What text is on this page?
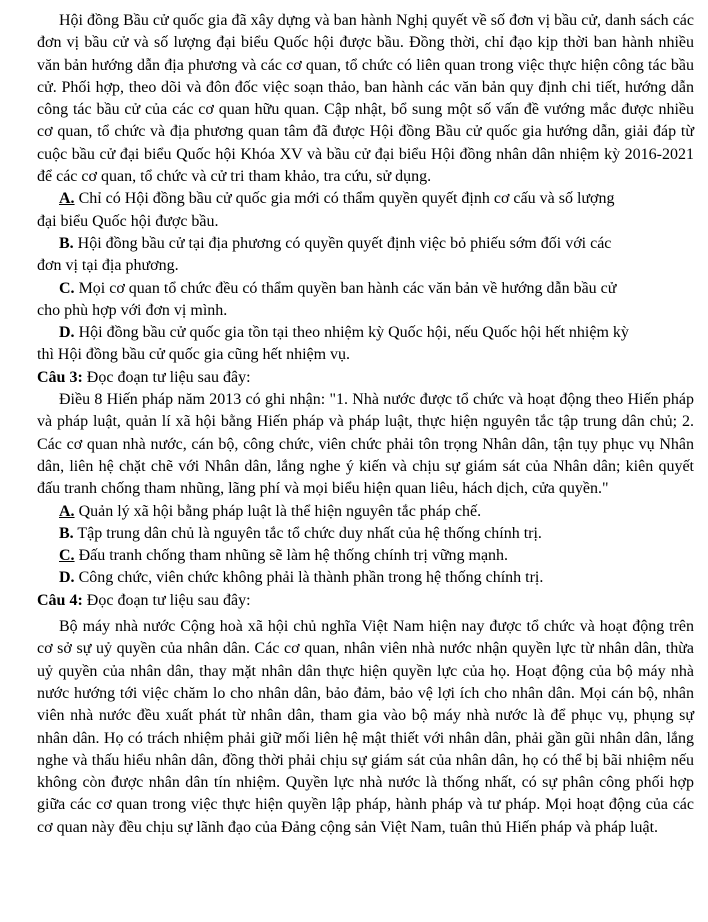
Hội đồng Bầu cử quốc gia đã xây dựng và ban hành Nghị quyết về số đơn vị bầu cử, danh sách các đơn vị bầu cử và số lượng đại biểu Quốc hội được bầu. Đồng thời, chỉ đạo kịp thời ban hành nhiều văn bản hướng dẫn địa phương và các cơ quan, tổ chức có liên quan trong việc thực hiện công tác bầu cử. Phối hợp, theo dõi và đôn đốc việc soạn thảo, ban hành các văn bản quy định chi tiết, hướng dẫn công tác bầu cử của các cơ quan hữu quan. Cập nhật, bổ sung một số vấn đề vướng mắc được nhiều cơ quan, tổ chức và địa phương quan tâm đã được Hội đồng Bầu cử quốc gia hướng dẫn, giải đáp từ cuộc bầu cử đại biểu Quốc hội Khóa XV và bầu cử đại biểu Hội đồng nhân dân nhiệm kỳ 2016-2021 để các cơ quan, tổ chức và cử tri tham khảo, tra cứu, sử dụng.

A. Chỉ có Hội đồng bầu cử quốc gia mới có thẩm quyền quyết định cơ cấu và số lượng

đại biểu Quốc hội được bầu.

B. Hội đồng bầu cử tại địa phương có quyền quyết định việc bỏ phiếu sớm đối với các

đơn vị tại địa phương.

C. Mọi cơ quan tổ chức đều có thẩm quyền ban hành các văn bản về hướng dẫn bầu cử

cho phù hợp với đơn vị mình.

D. Hội đồng bầu cử quốc gia tồn tại theo nhiệm kỳ Quốc hội, nếu Quốc hội hết nhiệm kỳ

thì Hội đồng bầu cử quốc gia cũng hết nhiệm vụ.

Câu 3: Đọc đoạn tư liệu sau đây:

Điều 8 Hiến pháp năm 2013 có ghi nhận: "1. Nhà nước được tổ chức và hoạt động theo Hiến pháp và pháp luật, quản lí xã hội bằng Hiến pháp và pháp luật, thực hiện nguyên tắc tập trung dân chủ; 2. Các cơ quan nhà nước, cán bộ, công chức, viên chức phải tôn trọng Nhân dân, tận tụy phục vụ Nhân dân, liên hệ chặt chẽ với Nhân dân, lắng nghe ý kiến và chịu sự giám sát của Nhân dân; kiên quyết đấu tranh chống tham nhũng, lãng phí và mọi biểu hiện quan liêu, hách dịch, cửa quyền."

A. Quản lý xã hội bằng pháp luật là thể hiện nguyên tắc pháp chế.

B. Tập trung dân chủ là nguyên tắc tổ chức duy nhất của hệ thống chính trị.

C. Đấu tranh chống tham nhũng sẽ làm hệ thống chính trị vững mạnh.

D. Công chức, viên chức không phải là thành phần trong hệ thống chính trị.

Câu 4: Đọc đoạn tư liệu sau đây:

Bộ máy nhà nước Cộng hoà xã hội chủ nghĩa Việt Nam hiện nay được tổ chức và hoạt động trên cơ sở sự uỷ quyền của nhân dân. Các cơ quan, nhân viên nhà nước nhận quyền lực từ nhân dân, thừa uỷ quyền của nhân dân, thay mặt nhân dân thực hiện quyền lực của họ. Hoạt động của bộ máy nhà nước hướng tới việc chăm lo cho nhân dân, bảo đảm, bảo vệ lợi ích cho nhân dân. Mọi cán bộ, nhân viên nhà nước đều xuất phát từ nhân dân, tham gia vào bộ máy nhà nước là để phục vụ, phụng sự nhân dân. Họ có trách nhiệm phải giữ mối liên hệ mật thiết với nhân dân, phải gần gũi nhân dân, lắng nghe và thấu hiểu nhân dân, đồng thời phải chịu sự giám sát của nhân dân, họ có thể bị bãi nhiệm nếu không còn được nhân dân tín nhiệm. Quyền lực nhà nước là thống nhất, có sự phân công phối hợp giữa các cơ quan trong việc thực hiện quyền lập pháp, hành pháp và tư pháp. Mọi hoạt động của các cơ quan này đều chịu sự lãnh đạo của Đảng cộng sản Việt Nam, tuân thủ Hiến pháp và pháp luật.
